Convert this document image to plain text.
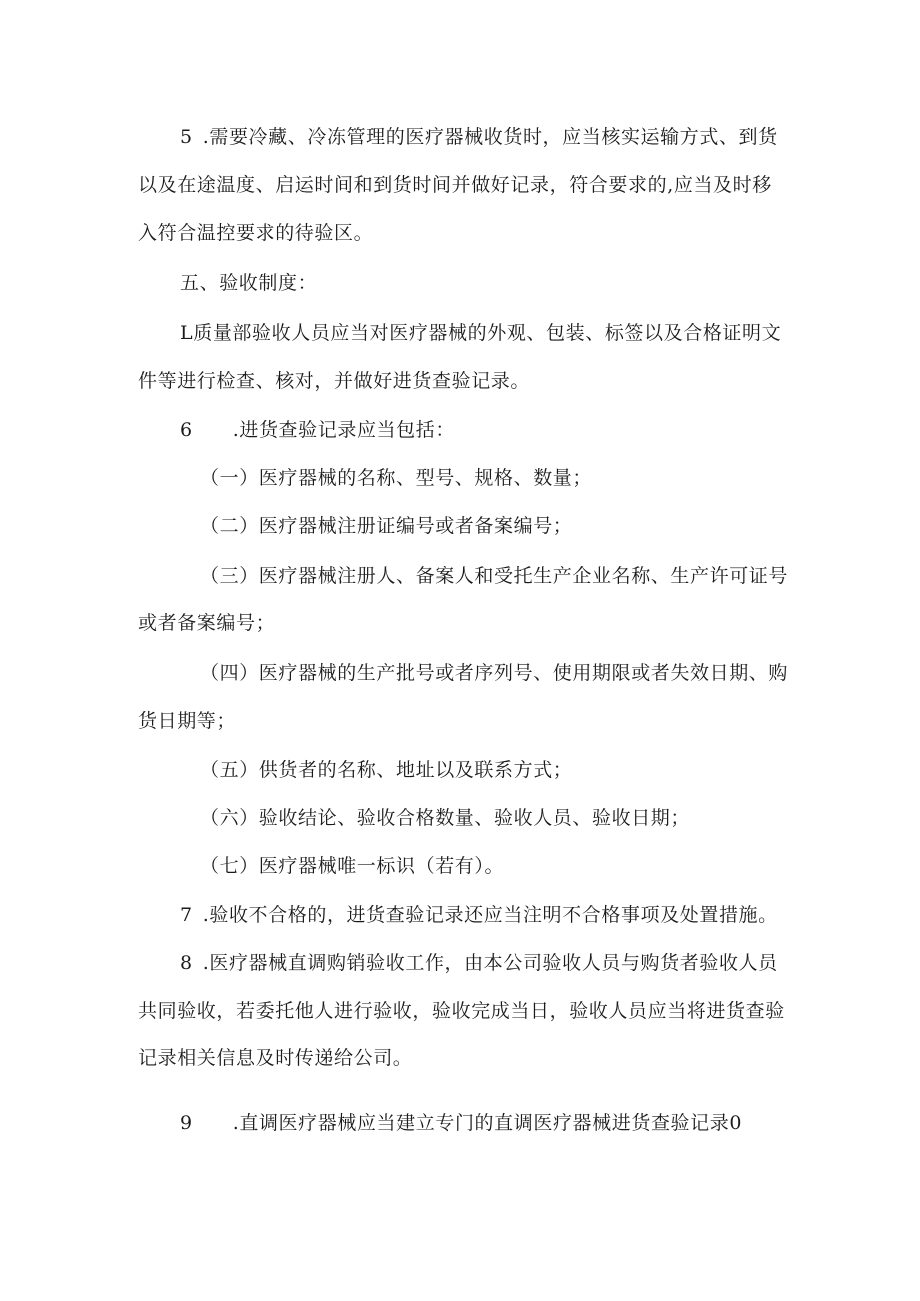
5 .需要冷藏、冷冻管理的医疗器械收货时，应当核实运输方式、到货

以及在途温度、启运时间和到货时间并做好记录，符合要求的,应当及时移

入符合温控要求的待验区。

五、验收制度：

L质量部验收人员应当对医疗器械的外观、包装、标签以及合格证明文

件等进行检查、核对，并做好进货查验记录。

6 .进货查验记录应当包括：

（一）医疗器械的名称、型号、规格、数量；

（二）医疗器械注册证编号或者备案编号；

（三）医疗器械注册人、备案人和受托生产企业名称、生产许可证号

或者备案编号；

（四）医疗器械的生产批号或者序列号、使用期限或者失效日期、购

货日期等；

（五）供货者的名称、地址以及联系方式；

（六）验收结论、验收合格数量、验收人员、验收日期；

（七）医疗器械唯一标识（若有）。

7 .验收不合格的，进货查验记录还应当注明不合格事项及处置措施。

8 .医疗器械直调购销验收工作，由本公司验收人员与购货者验收人员

共同验收，若委托他人进行验收，验收完成当日，验收人员应当将进货查验

记录相关信息及时传递给公司。

9 .直调医疗器械应当建立专门的直调医疗器械进货查验记录0
